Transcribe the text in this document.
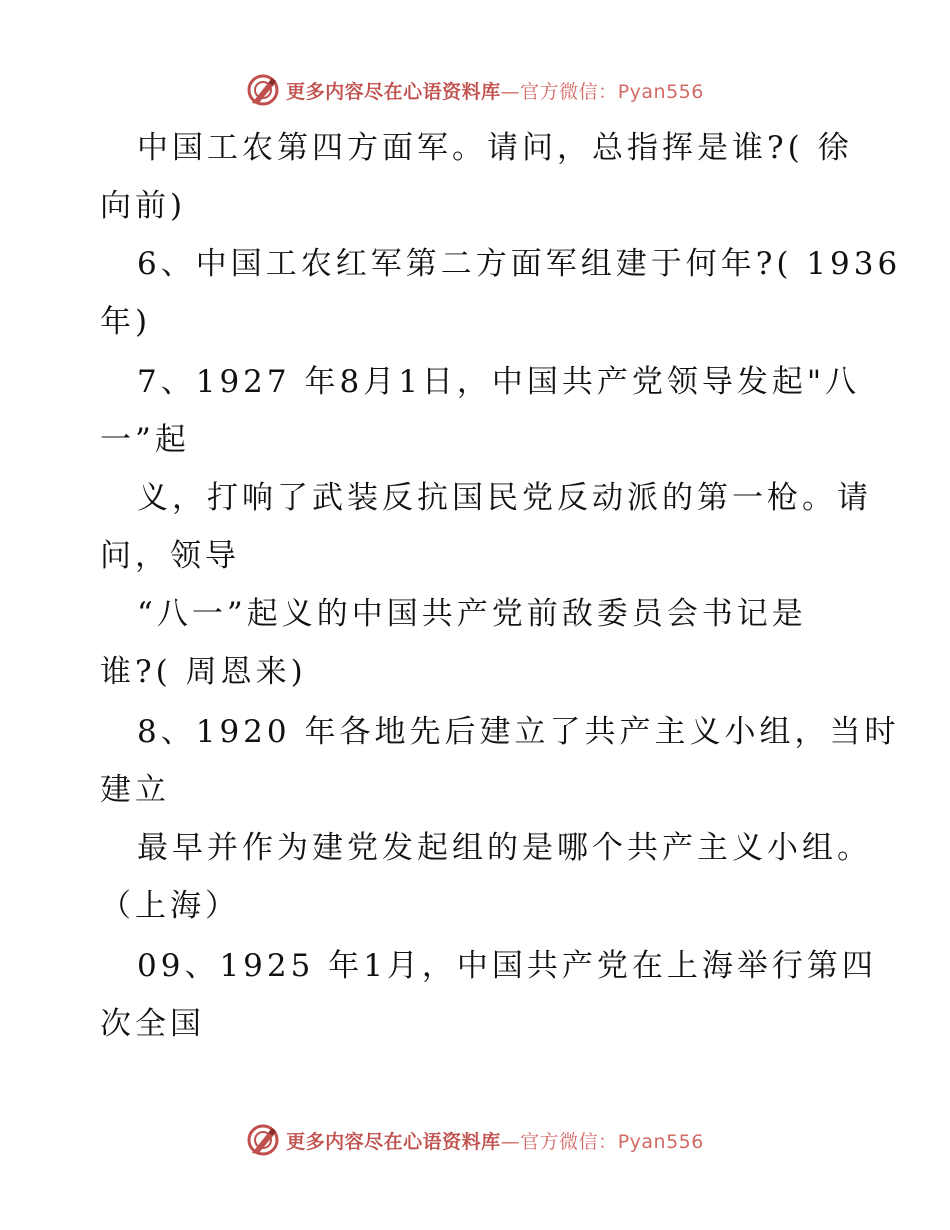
更多内容尽在心语资料库—官方微信：Pyan556
中国工农第四方面军。请问，总指挥是谁?( 徐
向前)
6、中国工农红军第二方面军组建于何年?( 1936
年)
7、1927 年8月1日，中国共产党领导发起"八
一”起
义，打响了武装反抗国民党反动派的第一枪。请
问，领导
“八一”起义的中国共产党前敌委员会书记是
谁?( 周恩来)
8、1920 年各地先后建立了共产主义小组，当时
建立
最早并作为建党发起组的是哪个共产主义小组。
（上海）
09、1925 年1月，中国共产党在上海举行第四
次全国
更多内容尽在心语资料库—官方微信：Pyan556
